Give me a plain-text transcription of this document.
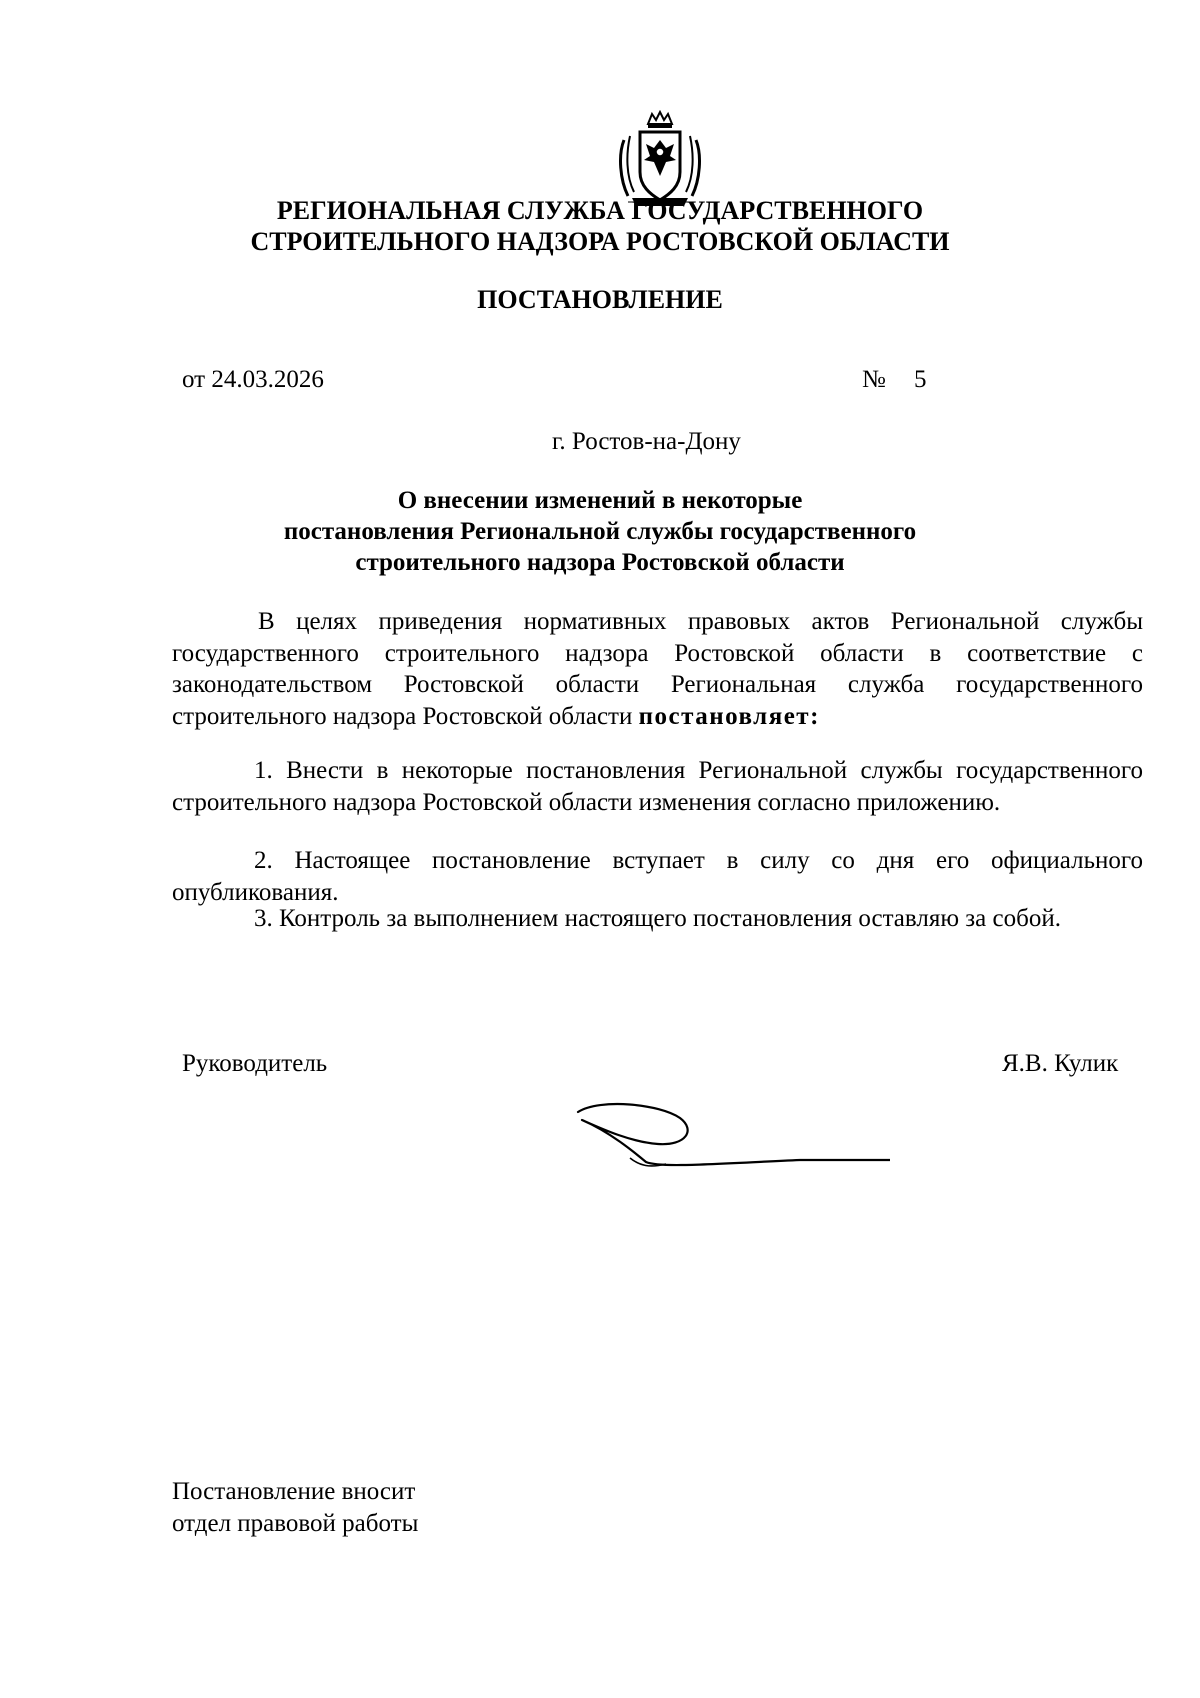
РЕГИОНАЛЬНАЯ СЛУЖБА ГОСУДАРСТВЕННОГО
СТРОИТЕЛЬНОГО НАДЗОРА РОСТОВСКОЙ ОБЛАСТИ
ПОСТАНОВЛЕНИЕ
от 24.03.2026	№ 5
г. Ростов-на-Дону
О внесении изменений в некоторые
постановления Региональной службы государственного
строительного надзора Ростовской области
В целях приведения нормативных правовых актов Региональной службы государственного строительного надзора Ростовской области в соответствие с законодательством Ростовской области Региональная служба государственного строительного надзора Ростовской области постановляет:
1. Внести в некоторые постановления Региональной службы государственного строительного надзора Ростовской области изменения согласно приложению.
2. Настоящее постановление вступает в силу со дня его официального опубликования.
3. Контроль за выполнением настоящего постановления оставляю за собой.
Руководитель	Я.В. Кулик
Постановление вносит
отдел правовой работы
